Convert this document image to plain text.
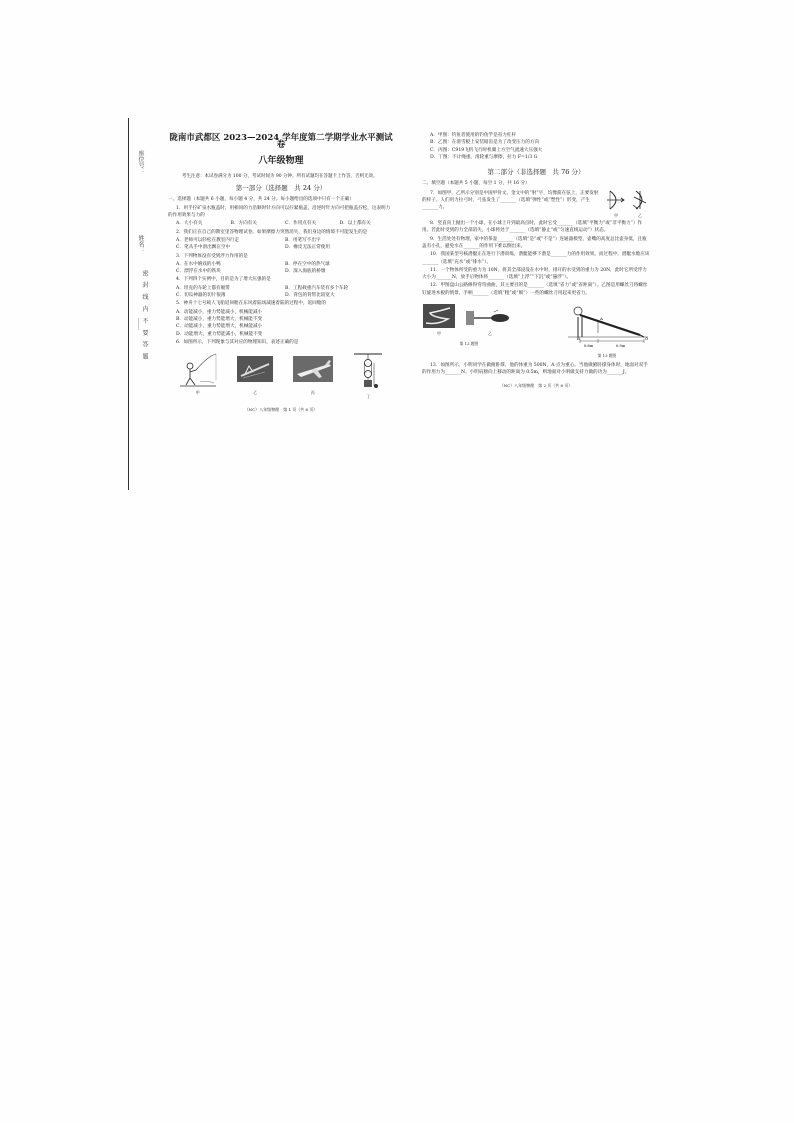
座位号：
姓名：
密 封 线 内 不 要 答 题
……
陇南市武都区 2023—2024 学年度第二学期学业水平测试卷
八年级物理
考生注意：本试卷满分为 100 分，考试时间为 90 分钟。所有试题均在答题卡上作答，否则无效。
第一部分（选择题　共 24 分）
一、选择题（本题共 6 小题，每小题 4 分，共 24 分。每小题给出的选项中只有一个正确）
1．用手拧矿泉水瓶盖时，用相同的力沿顺时针方向可以拧紧瓶盖，沿逆时针方向可把瓶盖拧松，这表明力的作用效果与力的
A．大小有关	B．方向有关	C．作用点有关	D．以上都有关
2．我们正在自己的教室里答物理试卷。如果摩擦力突然消失，我们身边的情境不可能发生的是
A．老师可以轻松在教室内行走	B．用笔写不出字
C．笔从手中滑出飘在空中	D．橡皮无法正常使用
3．下列物体没有受到浮力作用的是
A．在水中嬉戏的小鸭	B．停在空中的热气球
C．漂浮在水中的铁块	D．深入海底的桥墩
4．下列四个实例中，目的是为了增大压强的是
A．坦克的车轮上都有履带	B．工程载重汽车装有多个车轮
C．切瓜神器的切片很薄	D．背包的背带比较宽大
5．神舟十七号载人飞船返回舱在东风着陆场减速着陆的过程中，返回舱的
A．动能减小，重力势能减小，机械能减小
B．动能减小，重力势能增大，机械能不变
C．动能减小，重力势能增大，机械能减小
D．动能增大，重力势能减小，机械能不变
6．如图所示，下列现象与其对应的物理知识，表述正确的是
甲	乙	丙
丁
（NC）八年级物理　第 1 页（共 6 页）
A．甲图：钓鱼者使用的钓鱼竿是省力杠杆
B．乙图：在滑雪板上安装锯齿是为了改变压力的方向
C．丙图：C919飞机飞行时机翼上方空气流速大压强大
D．丁图：不计绳重、滑轮重与摩擦，拉力 F=1/3 G
第二部分（非选择题　共 76 分）
二、填空题（本题共 5 小题，每空 1 分，共 16 分）
7．如图甲、乙所示分别是中国甲骨文、金文中的“射”字，均像箭在弦上，正要发射的样子。人们用力拉弓时，弓弦发生了_______（选填“弹性”或“塑性”）形变，产生_______力。
甲	乙
8．竖直向上抛出一个小球，在小球上升到最高点时，此时它受_______（选填“平衡力”或“非平衡力”）作用。若此时受到的力全部消失，小球将处于_______（选填“静止”或“匀速直线运动”）状态。
9．生活处处有物理，家中的茶壶_______（选填“是”或“不是”）连通器模型，壶嘴的高度总比壶身低，且瓶盖有小孔，避免水在_______的作用下难以倒出来。
10．我国某型号核潜艇正在进行下潜训练，潜艇能够下潜是_______力的作用效果。而过程中，潜艇水舱应该_______（选填“充水”或“排水”）。
11．一个物体所受的重力为 10N，将其全部浸没在水中时，排开的水受到的重力为 20N，此时它所受浮力大小为_______N，放手后物体将_______（选填“上浮”“下沉”或“悬浮”）。
12．甲图盘山公路修得弯弯曲曲，其主要目的是_______（选填“省力”或“省距离”）。乙图是用螺丝刀将螺丝钉旋进木板的情景，手柄_______（选填“粗”或“细”）一些的螺丝刀用起来更省力。
甲	乙
第 12 题图
A
B	O
0.6m	0.9m
第 13 题图
13．如图所示，小明同学在做俯卧撑，他的体重为 500N，A 点为重心。当他做俯卧撑身体时，地面对双手的作用力为_______N。小明肩膀向上移动的距离为 0.5m，则地面对小明做支持力做的功为_______J。
（NC）八年级物理　第 2 页（共 6 页）
